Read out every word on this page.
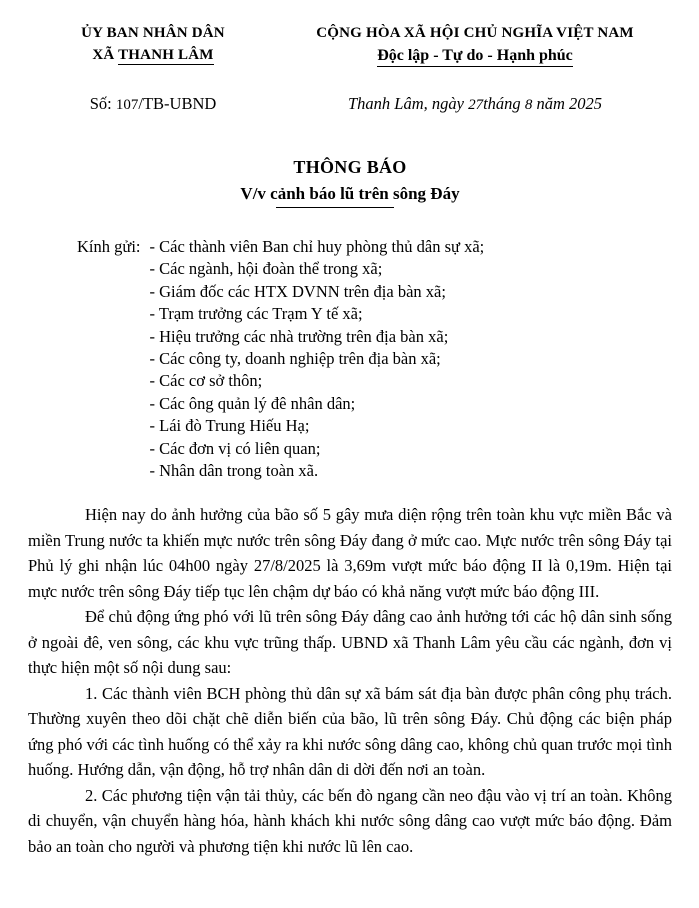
ỦY BAN NHÂN DÂN
XÃ THANH LÂM
CỘNG HÒA XÃ HỘI CHỦ NGHĨA VIỆT NAM
Độc lập - Tự do - Hạnh phúc
Số: 107/TB-UBND	Thanh Lâm, ngày 27tháng 8 năm 2025
THÔNG BÁO
V/v cảnh báo lũ trên sông Đáy
Kính gửi: - Các thành viên Ban chỉ huy phòng thủ dân sự xã;
- Các ngành, hội đoàn thể trong xã;
- Giám đốc các HTX DVNN trên địa bàn xã;
- Trạm trưởng các Trạm Y tế xã;
- Hiệu trưởng các nhà trường trên địa bàn xã;
- Các công ty, doanh nghiệp trên địa bàn xã;
- Các cơ sở thôn;
- Các ông quản lý đê nhân dân;
- Lái đò Trung Hiếu Hạ;
- Các đơn vị có liên quan;
- Nhân dân trong toàn xã.

Hiện nay do ảnh hưởng của bão số 5 gây mưa diện rộng trên toàn khu vực miền Bắc và miền Trung nước ta khiến mực nước trên sông Đáy đang ở mức cao. Mực nước trên sông Đáy tại Phủ lý ghi nhận lúc 04h00 ngày 27/8/2025 là 3,69m vượt mức báo động II là 0,19m. Hiện tại mực nước trên sông Đáy tiếp tục lên chậm dự báo có khả năng vượt mức báo động III.

Để chủ động ứng phó với lũ trên sông Đáy dâng cao ảnh hưởng tới các hộ dân sinh sống ở ngoài đê, ven sông, các khu vực trũng thấp. UBND xã Thanh Lâm yêu cầu các ngành, đơn vị thực hiện một số nội dung sau:

1. Các thành viên BCH phòng thủ dân sự xã bám sát địa bàn được phân công phụ trách. Thường xuyên theo dõi chặt chẽ diễn biến của bão, lũ trên sông Đáy. Chủ động các biện pháp ứng phó với các tình huống có thể xảy ra khi nước sông dâng cao, không chủ quan trước mọi tình huống. Hướng dẫn, vận động, hỗ trợ nhân dân di dời đến nơi an toàn.

2. Các phương tiện vận tải thủy, các bến đò ngang cần neo đậu vào vị trí an toàn. Không di chuyển, vận chuyển hàng hóa, hành khách khi nước sông dâng cao vượt mức báo động. Đảm bảo an toàn cho người và phương tiện khi nước lũ lên cao.
